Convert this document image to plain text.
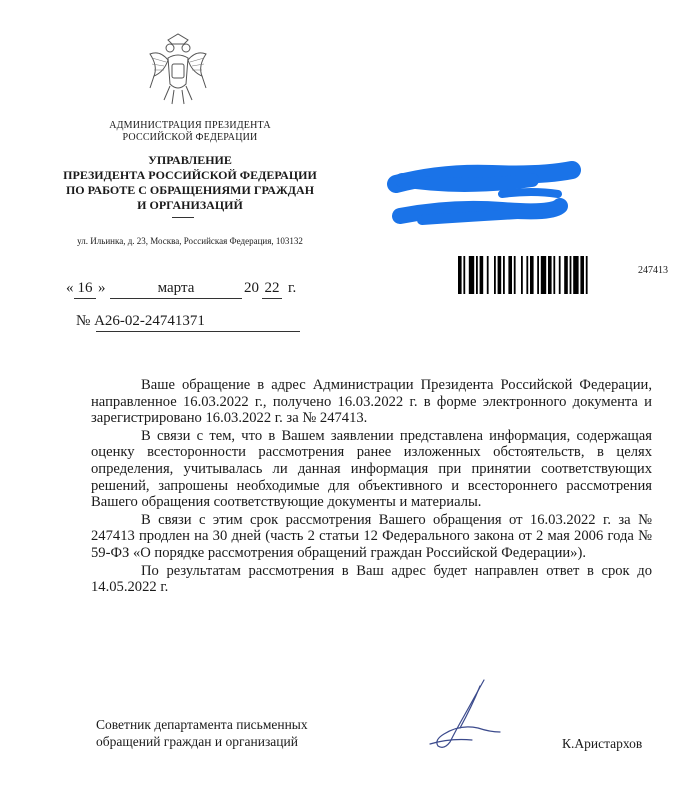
АДМИНИСТРАЦИЯ ПРЕЗИДЕНТА
РОССИЙСКОЙ ФЕДЕРАЦИИ
УПРАВЛЕНИЕ
ПРЕЗИДЕНТА РОССИЙСКОЙ ФЕДЕРАЦИИ
ПО РАБОТЕ С ОБРАЩЕНИЯМИ ГРАЖДАН
И ОРГАНИЗАЦИЙ
ул. Ильинка, д. 23, Москва, Российская Федерация, 103132
« 16 »	марта	20 22 г.
№ А26-02-24741371
247413

Ваше обращение в адрес Администрации Президента Российской Федерации, направленное 16.03.2022 г., получено 16.03.2022 г. в форме электронного документа и зарегистрировано 16.03.2022 г. за № 247413.

В связи с тем, что в Вашем заявлении представлена информация, содержащая оценку всесторонности рассмотрения ранее изложенных обстоятельств, в целях определения, учитывалась ли данная информация при принятии соответствующих решений, запрошены необходимые для объективного и всестороннего рассмотрения Вашего обращения соответствующие документы и материалы.

В связи с этим срок рассмотрения Вашего обращения от 16.03.2022 г. за № 247413 продлен на 30 дней (часть 2 статьи 12 Федерального закона от 2 мая 2006 года № 59-ФЗ «О порядке рассмотрения обращений граждан Российской Федерации»).

По результатам рассмотрения в Ваш адрес будет направлен ответ в срок до 14.05.2022 г.

Советник департамента письменных
обращений граждан и организаций	К.Аристархов
